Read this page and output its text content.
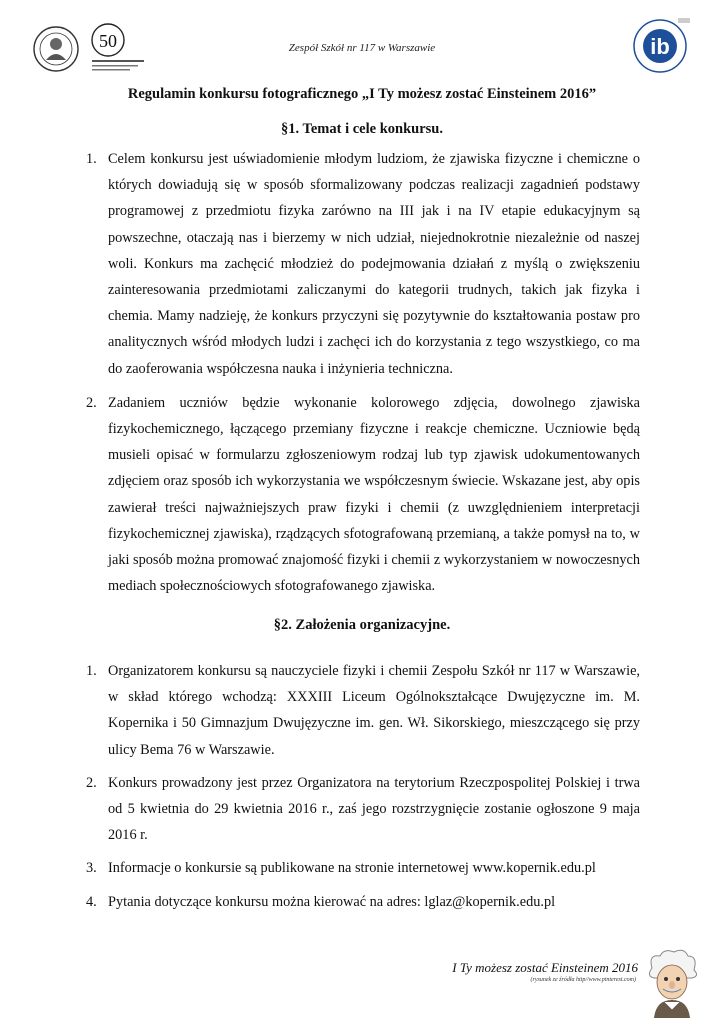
· · · · · · · ·
50	Zespół Szkół nr 117 w Warszawie	ib
Regulamin konkursu fotograficznego „I Ty możesz zostać Einsteinem 2016”
§1. Temat i cele konkursu.
1. Celem konkursu jest uświadomienie młodym ludziom, że zjawiska fizyczne i chemiczne o których dowiadują się w sposób sformalizowany podczas realizacji zagadnień podstawy programowej z przedmiotu fizyka zarówno na III jak i na IV etapie edukacyjnym są powszechne, otaczają nas i bierzemy w nich udział, niejednokrotnie niezależnie od naszej woli. Konkurs ma zachęcić młodzież do podejmowania działań z myślą o zwiększeniu zainteresowania przedmiotami zaliczanymi do kategorii trudnych, takich jak fizyka i chemia. Mamy nadzieję, że konkurs przyczyni się pozytywnie do kształtowania postaw pro analitycznych wśród młodych ludzi i zachęci ich do korzystania z tego wszystkiego, co ma do zaoferowania współczesna nauka i inżynieria techniczna.
2. Zadaniem uczniów będzie wykonanie kolorowego zdjęcia, dowolnego zjawiska fizykochemicznego, łączącego przemiany fizyczne i reakcje chemiczne. Uczniowie będą musieli opisać w formularzu zgłoszeniowym rodzaj lub typ zjawisk udokumentowanych zdjęciem oraz sposób ich wykorzystania we współczesnym świecie. Wskazane jest, aby opis zawierał treści najważniejszych praw fizyki i chemii (z uwzględnieniem interpretacji fizykochemicznej zjawiska), rządzących sfotografowaną przemianą, a także pomysł na to, w jaki sposób można promować znajomość fizyki i chemii z wykorzystaniem w nowoczesnych mediach społecznościowych sfotografowanego zjawiska.
§2. Założenia organizacyjne.
1. Organizatorem konkursu są nauczyciele fizyki i chemii Zespołu Szkół nr 117 w Warszawie, w skład którego wchodzą: XXXIII Liceum Ogólnokształcące Dwujęzyczne im. M. Kopernika i 50 Gimnazjum Dwujęzyczne im. gen. Wł. Sikorskiego, mieszczącego się przy ulicy Bema 76 w Warszawie.
2. Konkurs prowadzony jest przez Organizatora na terytorium Rzeczpospolitej Polskiej i trwa od 5 kwietnia do 29 kwietnia 2016 r., zaś jego rozstrzygnięcie zostanie ogłoszone 9 maja 2016 r.
3. Informacje o konkursie są publikowane na stronie internetowej www.kopernik.edu.pl
4. Pytania dotyczące konkursu można kierować na adres: lglaz@kopernik.edu.pl
I Ty możesz zostać Einsteinem 2016
(rysunek ze źródła http//www.pinterest.com)
